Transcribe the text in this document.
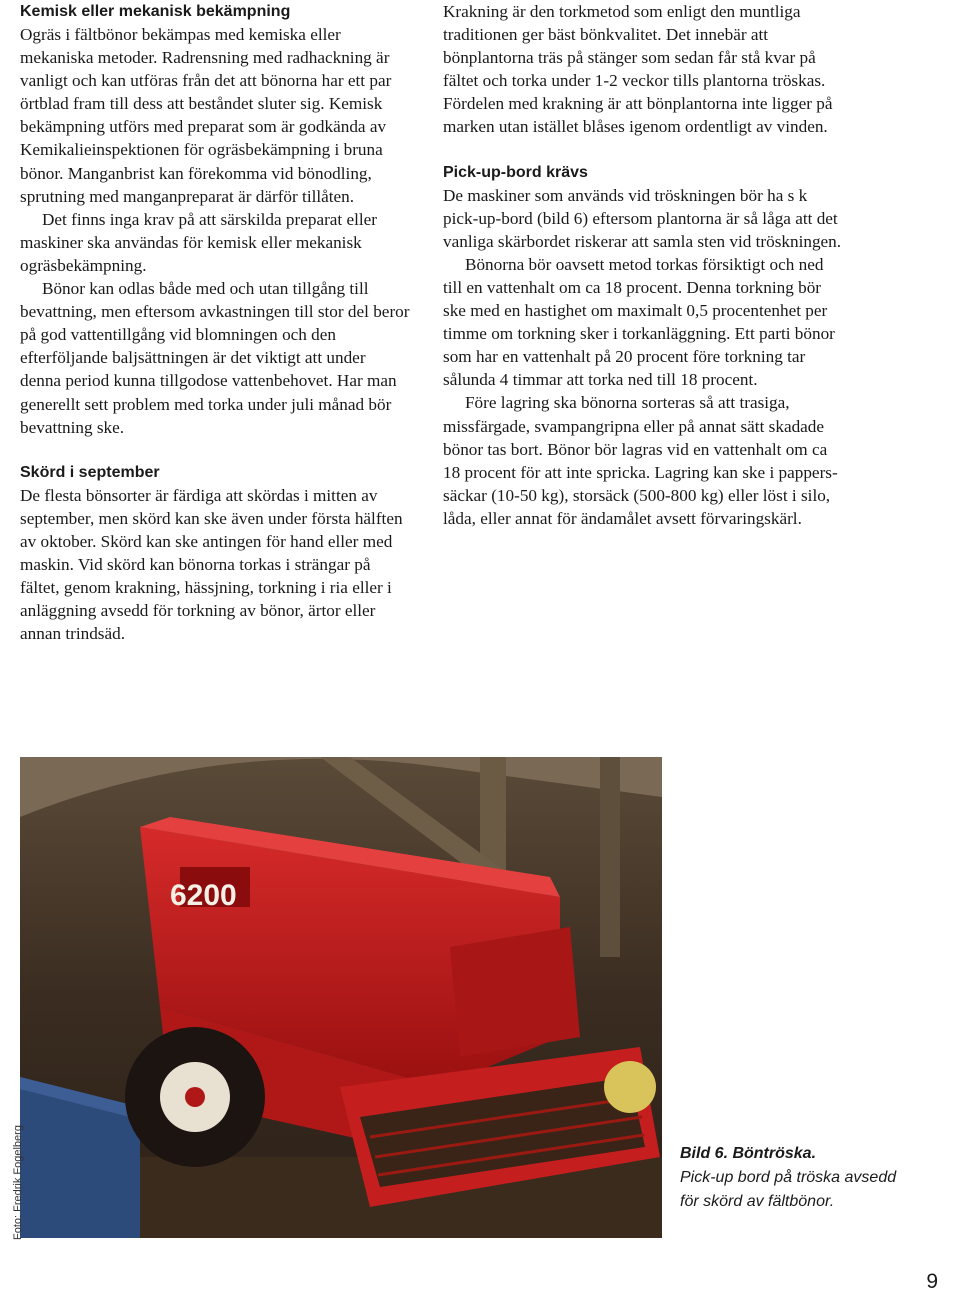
Kemisk eller mekanisk bekämpning

Ogräs i fältbönor bekämpas med kemiska eller mekaniska metoder. Radrensning med radhackning är vanligt och kan utföras från det att bönorna har ett par örtblad fram till dess att beståndet sluter sig. Kemisk bekämpning utförs med preparat som är godkända av Kemikalieinspektionen för ogräsbekämpning i bruna bönor. Manganbrist kan förekomma vid bönodling, sprutning med manganpreparat är därför tillåten.

Det finns inga krav på att särskilda preparat eller maskiner ska användas för kemisk eller mekanisk ogräsbekämpning.

Bönor kan odlas både med och utan tillgång till bevattning, men eftersom avkastningen till stor del beror på god vattentillgång vid blomningen och den efterföljande baljsättningen är det viktigt att under denna period kunna tillgodose vattenbehovet. Har man generellt sett problem med torka under juli månad bör bevattning ske.

Skörd i september

De flesta bönsorter är färdiga att skördas i mitten av september, men skörd kan ske även under första hälften av oktober. Skörd kan ske antingen för hand eller med maskin. Vid skörd kan bönorna torkas i strängar på fältet, genom krakning, hässjning, torkning i ria eller i anläggning avsedd för torkning av bönor, ärtor eller annan trindsäd.

Krakning är den torkmetod som enligt den muntliga traditionen ger bäst bönkvalitet. Det innebär att bönplantorna träs på stänger som sedan får stå kvar på fältet och torka under 1-2 veckor tills plantorna tröskas. Fördelen med krakning är att bönplantorna inte ligger på marken utan istället blåses igenom ordentligt av vinden.

Pick-up-bord krävs

De maskiner som används vid tröskningen bör ha s k pick-up-bord (bild 6) eftersom plantorna är så låga att det vanliga skärbordet riskerar att samla sten vid tröskningen.

Bönorna bör oavsett metod torkas försiktigt och ned till en vattenhalt om ca 18 procent. Denna torkning bör ske med en hastighet om maximalt 0,5 procentenhet per timme om torkning sker i torkanläggning. Ett parti bönor som har en vattenhalt på 20 procent före torkning tar sålunda 4 timmar att torka ned till 18 procent.

Före lagring ska bönorna sorteras så att trasiga, missfärgade, svampangripna eller på annat sätt skadade bönor tas bort. Bönor bör lagras vid en vattenhalt om ca 18 procent för att inte spricka. Lagring kan ske i pappers-säckar (10-50 kg), storsäck (500-800 kg) eller löst i silo, låda, eller annat för ändamålet avsett förvaringskärl.

6200
Foto: Fredrik Fogelberg	Bild 6. Böntröska.
Pick-up bord på tröska avsedd för skörd av fältbönor.
9
